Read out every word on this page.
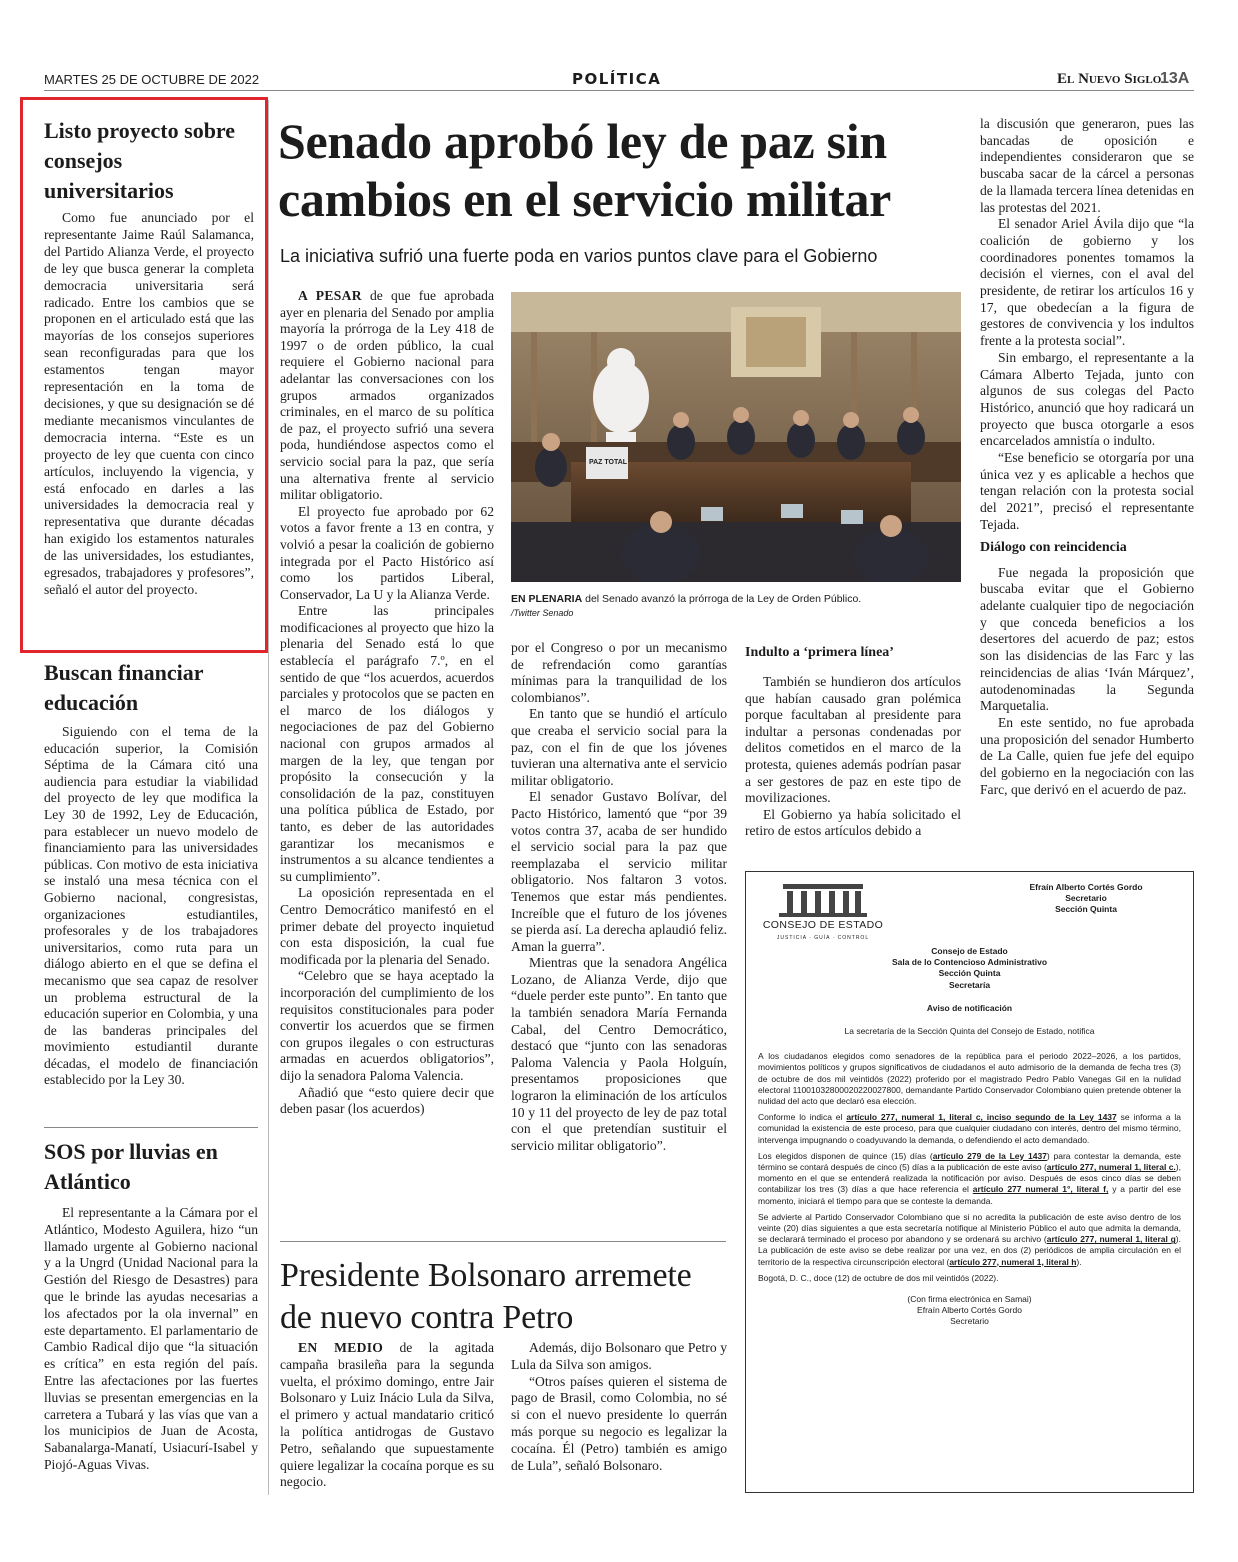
MARTES 25 DE OCTUBRE DE 2022	POLÍTICA	El Nuevo Siglo
13A
Listo proyecto sobre consejos universitarios

Como fue anunciado por el representante Jaime Raúl Salamanca, del Partido Alianza Verde, el proyecto de ley que busca generar la completa democracia universitaria será radicado. Entre los cambios que se proponen en el articulado está que las mayorías de los consejos superiores sean reconfiguradas para que los estamentos tengan mayor representación en la toma de decisiones, y que su designación se dé mediante mecanismos vinculantes de democracia interna. “Este es un proyecto de ley que cuenta con cinco artículos, incluyendo la vigencia, y está enfocado en darles a las universidades la democracia real y representativa que durante décadas han exigido los estamentos naturales de las universidades, los estudiantes, egresados, trabajadores y profesores”, señaló el autor del proyecto.

Buscan financiar educación

Siguiendo con el tema de la educación superior, la Comisión Séptima de la Cámara citó una audiencia para estudiar la viabilidad del proyecto de ley que modifica la Ley 30 de 1992, Ley de Educación, para establecer un nuevo modelo de financiamiento para las universidades públicas. Con motivo de esta iniciativa se instaló una mesa técnica con el Gobierno nacional, congresistas, organizaciones estudiantiles, profesorales y de los trabajadores universitarios, como ruta para un diálogo abierto en el que se defina el mecanismo que sea capaz de resolver un problema estructural de la educación superior en Colombia, y una de las banderas principales del movimiento estudiantil durante décadas, el modelo de financiación establecido por la Ley 30.

SOS por lluvias en Atlántico

El representante a la Cámara por el Atlántico, Modesto Aguilera, hizo “un llamado urgente al Gobierno nacional y a la Ungrd (Unidad Nacional para la Gestión del Riesgo de Desastres) para que le brinde las ayudas necesarias a los afectados por la ola invernal” en este departamento. El parlamentario de Cambio Radical dijo que “la situación es crítica” en esta región del país. Entre las afectaciones por las fuertes lluvias se presentan emergencias en la carretera a Tubará y las vías que van a los municipios de Juan de Acosta, Sabanalarga-Manatí, Usiacurí-Isabel y Piojó-Aguas Vivas.

Senado aprobó ley de paz sin cambios en el servicio militar
La iniciativa sufrió una fuerte poda en varios puntos clave para el Gobierno

A PESAR de que fue aprobada ayer en plenaria del Senado por amplia mayoría la prórroga de la Ley 418 de 1997 o de orden público, la cual requiere el Gobierno nacional para adelantar las conversaciones con los grupos armados organizados criminales, en el marco de su política de paz, el proyecto sufrió una severa poda, hundiéndose aspectos como el servicio social para la paz, que sería una alternativa frente al servicio militar obligatorio.

El proyecto fue aprobado por 62 votos a favor frente a 13 en contra, y volvió a pesar la coalición de gobierno integrada por el Pacto Histórico así como los partidos Liberal, Conservador, La U y la Alianza Verde.

Entre las principales modificaciones al proyecto que hizo la plenaria del Senado está lo que establecía el parágrafo 7.º, en el sentido de que “los acuerdos, acuerdos parciales y protocolos que se pacten en el marco de los diálogos y negociaciones de paz del Gobierno nacional con grupos armados al margen de la ley, que tengan por propósito la consecución y la consolidación de la paz, constituyen una política pública de Estado, por tanto, es deber de las autoridades garantizar los mecanismos e instrumentos a su alcance tendientes a su cumplimiento”.

La oposición representada en el Centro Democrático manifestó en el primer debate del proyecto inquietud con esta disposición, la cual fue modificada por la plenaria del Senado.

“Celebro que se haya aceptado la incorporación del cumplimiento de los requisitos constitucionales para poder convertir los acuerdos que se firmen con grupos ilegales o con estructuras armadas en acuerdos obligatorios”, dijo la senadora Paloma Valencia.

Añadió que “esto quiere decir que deben pasar (los acuerdos)

PAZ TOTAL
EN PLENARIA del Senado avanzó la prórroga de la Ley de Orden Público.
/Twitter Senado

por el Congreso o por un mecanismo de refrendación como garantías mínimas para la tranquilidad de los colombianos”.

En tanto que se hundió el artículo que creaba el servicio social para la paz, con el fin de que los jóvenes tuvieran una alternativa ante el servicio militar obligatorio.

El senador Gustavo Bolívar, del Pacto Histórico, lamentó que “por 39 votos contra 37, acaba de ser hundido el servicio social para la paz que reemplazaba el servicio militar obligatorio. Nos faltaron 3 votos. Tenemos que estar más pendientes. Increíble que el futuro de los jóvenes se pierda así. La derecha aplaudió feliz. Aman la guerra”.

Mientras que la senadora Angélica Lozano, de Alianza Verde, dijo que “duele perder este punto”. En tanto que la también senadora María Fernanda Cabal, del Centro Democrático, destacó que “junto con las senadoras Paloma Valencia y Paola Holguín, presentamos proposiciones que lograron la eliminación de los artículos 10 y 11 del proyecto de ley de paz total con el que pretendían sustituir el servicio militar obligatorio”.

Indulto a ‘primera línea’

También se hundieron dos artículos que habían causado gran polémica porque facultaban al presidente para indultar a personas condenadas por delitos cometidos en el marco de la protesta, quienes además podrían pasar a ser gestores de paz en este tipo de movilizaciones.

El Gobierno ya había solicitado el retiro de estos artículos debido a

la discusión que generaron, pues las bancadas de oposición e independientes consideraron que se buscaba sacar de la cárcel a personas de la llamada tercera línea detenidas en las protestas del 2021.

El senador Ariel Ávila dijo que “la coalición de gobierno y los coordinadores ponentes tomamos la decisión el viernes, con el aval del presidente, de retirar los artículos 16 y 17, que obedecían a la figura de gestores de convivencia y los indultos frente a la protesta social”.

Sin embargo, el representante a la Cámara Alberto Tejada, junto con algunos de sus colegas del Pacto Histórico, anunció que hoy radicará un proyecto que busca otorgarle a esos encarcelados amnistía o indulto.

“Ese beneficio se otorgaría por una única vez y es aplicable a hechos que tengan relación con la protesta social del 2021”, precisó el representante Tejada.

Diálogo con reincidencia

Fue negada la proposición que buscaba evitar que el Gobierno adelante cualquier tipo de negociación y que conceda beneficios a los desertores del acuerdo de paz; estos son las disidencias de las Farc y las reincidencias de alias ‘Iván Márquez’, autodenominadas la Segunda Marquetalia.

En este sentido, no fue aprobada una proposición del senador Humberto de La Calle, quien fue jefe del equipo del gobierno en la negociación con las Farc, que derivó en el acuerdo de paz.

Presidente Bolsonaro arremete de nuevo contra Petro

EN MEDIO de la agitada campaña brasileña para la segunda vuelta, el próximo domingo, entre Jair Bolsonaro y Luiz Inácio Lula da Silva, el primero y actual mandatario criticó la política antidrogas de Gustavo Petro, señalando que supuestamente quiere legalizar la cocaína porque es su negocio.

Además, dijo Bolsonaro que Petro y Lula da Silva son amigos.

“Otros países quieren el sistema de pago de Brasil, como Colombia, no sé si con el nuevo presidente lo querrán más porque su negocio es legalizar la cocaína. Él (Petro) también es amigo de Lula”, señaló Bolsonaro.

CONSEJO DE ESTADO
JUSTICIA · GUÍA · CONTROL
Efraín Alberto Cortés Gordo
Secretario
Sección Quinta
Consejo de Estado
Sala de lo Contencioso Administrativo
Sección Quinta
Secretaría
Aviso de notificación
La secretaría de la Sección Quinta del Consejo de Estado, notifica
A los ciudadanos elegidos como senadores de la república para el periodo 2022–2026, a los partidos, movimientos políticos y grupos significativos de ciudadanos el auto admisorio de la demanda de fecha tres (3) de octubre de dos mil veintidós (2022) proferido por el magistrado Pedro Pablo Vanegas Gil en la nulidad electoral 11001032800020220027800, demandante Partido Conservador Colombiano quien pretende obtener la nulidad del acto que declaró esa elección.
Conforme lo indica el artículo 277, numeral 1, literal c, inciso segundo de la Ley 1437 se informa a la comunidad la existencia de este proceso, para que cualquier ciudadano con interés, dentro del mismo término, intervenga impugnando o coadyuvando la demanda, o defendiendo el acto demandado.
Los elegidos disponen de quince (15) días (artículo 279 de la Ley 1437) para contestar la demanda, este término se contará después de cinco (5) días a la publicación de este aviso (artículo 277, numeral 1, literal c.), momento en el que se entenderá realizada la notificación por aviso. Después de esos cinco días se deben contabilizar los tres (3) días a que hace referencia el artículo 277 numeral 1°, literal f, y a partir del ese momento, iniciará el tiempo para que se conteste la demanda.
Se advierte al Partido Conservador Colombiano que si no acredita la publicación de este aviso dentro de los veinte (20) días siguientes a que esta secretaría notifique al Ministerio Público el auto que admita la demanda, se declarará terminado el proceso por abandono y se ordenará su archivo (artículo 277, numeral 1, literal g). La publicación de este aviso se debe realizar por una vez, en dos (2) periódicos de amplia circulación en el territorio de la respectiva circunscripción electoral (artículo 277, numeral 1, literal h).
Bogotá, D. C., doce (12) de octubre de dos mil veintidós (2022).
(Con firma electrónica en Samai)
Efraín Alberto Cortés Gordo
Secretario
